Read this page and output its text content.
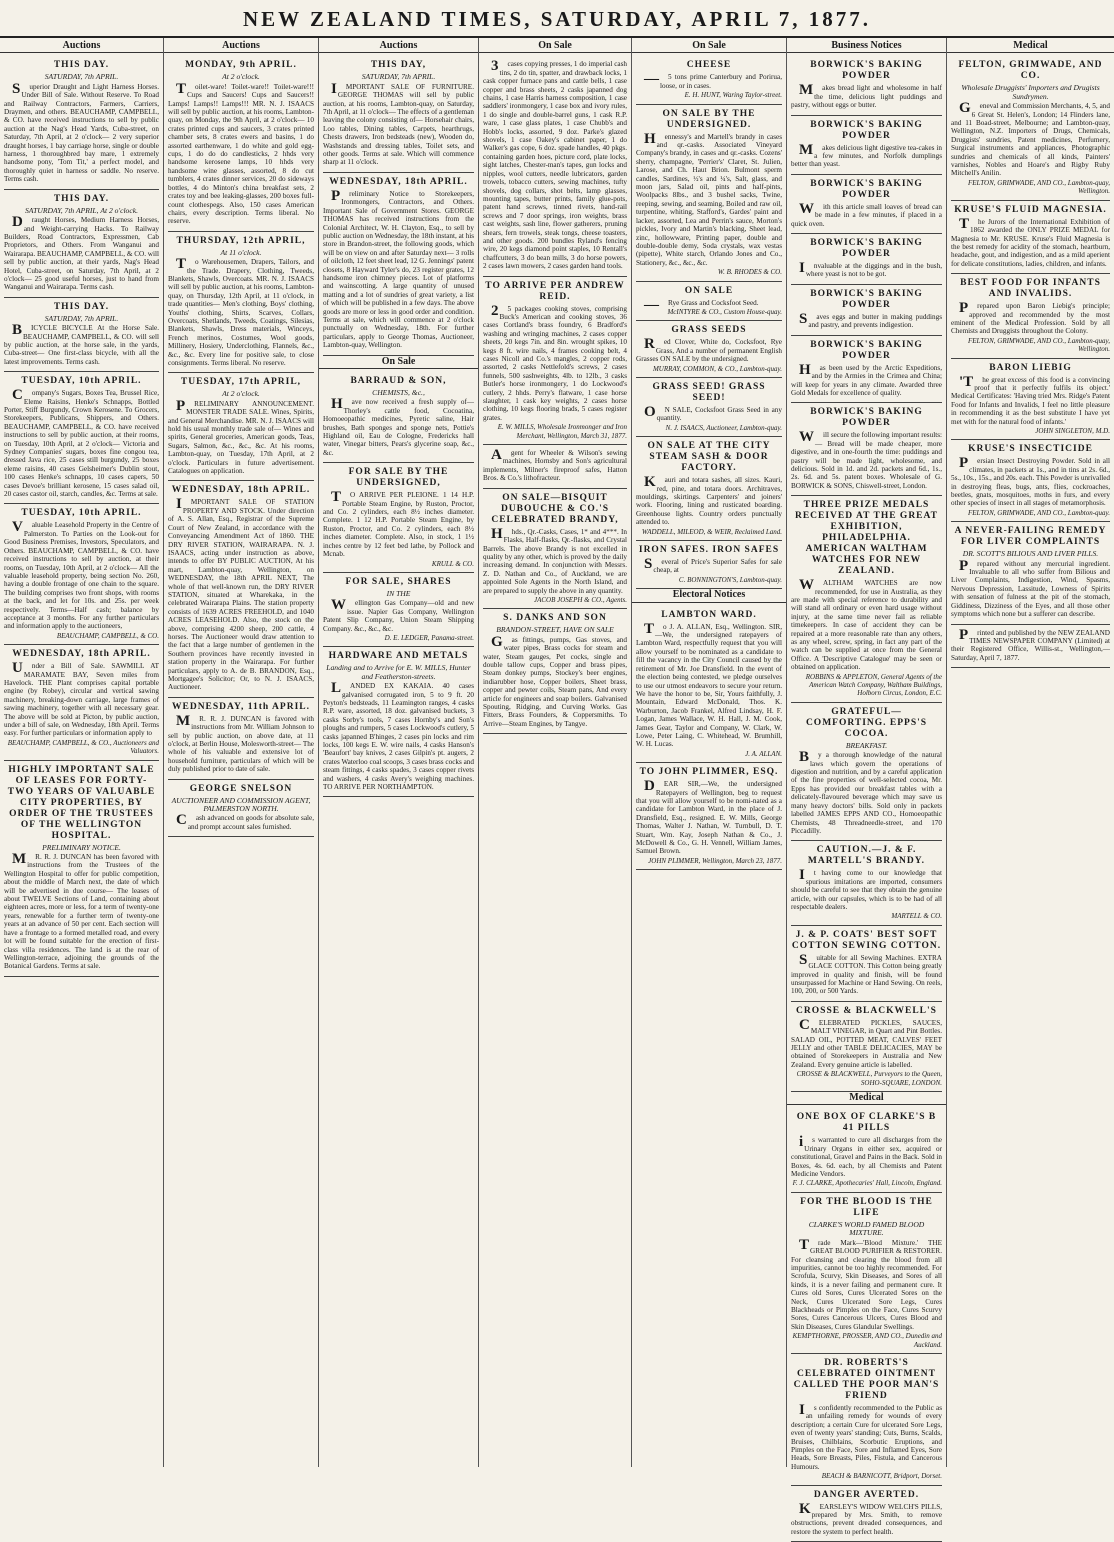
NEW ZEALAND TIMES, SATURDAY, APRIL 7, 1877.
Auctions
THIS DAY.
SATURDAY, 7th APRIL.
Superior Draught and Light Harness Horses. Under Bill of Sale. Without Reserve. To Road and Railway Contractors, Farmers, Carriers, Draymen, and others. BEAUCHAMP, CAMPBELL, & CO. have received instructions to sell by public auction at the Nag's Head Yards, Cuba-street, on Saturday, 7th April, at 2 o'clock— 2 very superior draught horses, 1 bay carriage horse, single or double harness, 1 thoroughbred bay mare, 1 extremely handsome pony, 'Tom Tit,' a perfect model, and thoroughly quiet in harness or saddle. No reserve. Terms cash.
THIS DAY.
SATURDAY, 7th APRIL, At 2 o'clock.
Draught Horses, Medium Harness Horses, and Weight-carrying Hacks. To Railway Builders, Road Contractors, Expressmen, Cab Proprietors, and Others. From Wanganui and Wairarapa. BEAUCHAMP, CAMPBELL, & CO. will sell by public auction, at their yards, Nag's Head Hotel, Cuba-street, on Saturday, 7th April, at 2 o'clock— 25 good useful horses, just to hand from Wanganui and Wairarapa. Terms cash.
THIS DAY.
SATURDAY, 7th APRIL.
BICYCLE BICYCLE At the Horse Sale. BEAUCHAMP, CAMPBELL, & CO. will sell by public auction, at the horse sale, in the yards, Cuba-street— One first-class bicycle, with all the latest improvements. Terms cash.
TUESDAY, 10th APRIL.
Company's Sugars, Boxes Tea, Brussel Rice, Eleme Raisins, Henke's Schnapps, Bottled Porter, Stiff Burgundy, Crown Kerosene. To Grocers, Storekeepers, Publicans, Shippers, and Others. BEAUCHAMP, CAMPBELL, & CO. have received instructions to sell by public auction, at their rooms, on Tuesday, 10th April, at 2 o'clock— Victoria and Sydney Companies' sugars, boxes fine congou tea, dressed Java rice, 25 cases still burgundy, 25 boxes eleme raisins, 40 cases Gelsheimer's Dublin stout, 100 cases Henke's schnapps, 10 cases capers, 50 cases Devoe's brilliant kerosene, 15 cases salad oil, 20 cases castor oil, starch, candles, &c. Terms at sale.
TUESDAY, 10th APRIL.
Valuable Leasehold Property in the Centre of Palmerston. To Parties on the Look-out for Good Business Premises, Investors, Speculators, and Others. BEAUCHAMP, CAMPBELL, & CO. have received instructions to sell by auction, at their rooms, on Tuesday, 10th April, at 2 o'clock— All the valuable leasehold property, being section No. 260, having a double frontage of one chain to the square. The building comprises two front shops, with rooms at the back, and let for 10s. and 25s. per week respectively. Terms—Half cash; balance by acceptance at 3 months. For any further particulars and information apply to the auctioneers,
BEAUCHAMP, CAMPBELL, & CO.
WEDNESDAY, 18th APRIL.
Under a Bill of Sale. SAWMILL AT MARAMATE BAY, Seven miles from Havelock. THE Plant comprises capital portable engine (by Robey), circular and vertical sawing machinery, breaking-down carriage, large frames of sawing machinery, together with all necessary gear. The above will be sold at Picton, by public auction, under a bill of sale, on Wednesday, 18th April. Terms easy. For further particulars or information apply to
BEAUCHAMP, CAMPBELL, & CO., Auctioneers and Valuators.
HIGHLY IMPORTANT SALE OF LEASES FOR FORTY-TWO YEARS OF VALUABLE CITY PROPERTIES, BY ORDER OF THE TRUSTEES OF THE WELLINGTON HOSPITAL.
PRELIMINARY NOTICE.
MR. R. J. DUNCAN has been favored with instructions from the Trustees of the Wellington Hospital to offer for public competition, about the middle of March next, the date of which will be advertised in due course— The leases of about TWELVE Sections of Land, containing about eighteen acres, more or less, for a term of twenty-one years, renewable for a further term of twenty-one years at an advance of 50 per cent. Each section will have a frontage to a formed metalled road, and every lot will be found suitable for the erection of first-class villa residences. The land is at the rear of Wellington-terrace, adjoining the grounds of the Botanical Gardens. Terms at sale.
Auctions
MONDAY, 9th APRIL.
At 2 o'clock.
Toilet-ware! Toilet-ware!! Toilet-ware!!! Cups and Saucers! Cups and Saucers!! Lamps! Lamps!! Lamps!!! MR. N. J. ISAACS will sell by public auction, at his rooms, Lambton-quay, on Monday, the 9th April, at 2 o'clock— 10 crates printed cups and saucers, 3 crates printed chamber sets, 8 crates ewers and basins, 1 do assorted earthenware, 1 do white and gold egg-cups, 1 do do do candlesticks, 2 hhds very handsome kerosene lamps, 10 hhds very handsome wine glasses, assorted, 8 do cut tumblers, 4 crates dinner services, 20 do sideways bottles, 4 do Minton's china breakfast sets, 2 crates toy and bee leaking-glasses, 200 boxes full-count clothespegs. Also, 150 cases American chairs, every description. Terms liberal. No reserve.
THURSDAY, 12th APRIL,
At 11 o'clock.
To Warehousemen, Drapers, Tailors, and the Trade. Drapery, Clothing, Tweeds, Blankets, Shawls, Overcoats. MR. N. J. ISAACS will sell by public auction, at his rooms, Lambton-quay, on Thursday, 12th April, at 11 o'clock, in trade quantities— Men's clothing, Boys' clothing, Youths' clothing, Shirts, Scarves, Collars, Overcoats, Shetlands, Tweeds, Coatings, Silesias, Blankets, Shawls, Dress materials, Winceys, French merinos, Costumes, Wool goods, Millinery, Hosiery, Underclothing, Flannels, &c., &c., &c. Every line for positive sale, to close consignments. Terms liberal. No reserve.
TUESDAY, 17th APRIL,
At 2 o'clock.
PRELIMINARY ANNOUNCEMENT. MONSTER TRADE SALE. Wines, Spirits, and General Merchandise. MR. N. J. ISAACS will hold his usual monthly trade sale of— Wines and spirits, General groceries, American goods, Teas, Sugars, Salmon, &c., &c., &c. At his rooms, Lambton-quay, on Tuesday, 17th April, at 2 o'clock. Particulars in future advertisement. Catalogues on application.
WEDNESDAY, 18th APRIL.
IMPORTANT SALE OF STATION PROPERTY AND STOCK. Under direction of A. S. Allan, Esq., Registrar of the Supreme Court of New Zealand, in accordance with the Conveyancing Amendment Act of 1860. THE DRY RIVER STATION, WAIRARAPA. N. J. ISAACS, acting under instruction as above, intends to offer BY PUBLIC AUCTION, At his mart, Lambton-quay, Wellington, on WEDNESDAY, the 18th APRIL NEXT, The whole of that well-known run, the DRY RIVER STATION, situated at Wharekaka, in the celebrated Wairarapa Plains. The station property consists of 1639 ACRES FREEHOLD, and 1040 ACRES LEASEHOLD. Also, the stock on the above, comprising 4200 sheep, 200 cattle, 4 horses. The Auctioneer would draw attention to the fact that a large number of gentlemen in the Southern provinces have recently invested in station property in the Wairarapa. For further particulars, apply to A. de B. BRANDON, Esq., Mortgagee's Solicitor; Or, to N. J. ISAACS, Auctioneer.
WEDNESDAY, 11th APRIL.
MR. R. J. DUNCAN is favored with instructions from Mr. William Johnson to sell by public auction, on above date, at 11 o'clock, at Berlin House, Molesworth-street— The whole of his valuable and extensive lot of household furniture, particulars of which will be duly published prior to date of sale.
GEORGE SNELSON
AUCTIONEER AND COMMISSION AGENT, PALMERSTON NORTH.
Cash advanced on goods for absolute sale, and prompt account sales furnished.
Auctions
THIS DAY,
SATURDAY, 7th APRIL.
IMPORTANT SALE OF FURNITURE. GEORGE THOMAS will sell by public auction, at his rooms, Lambton-quay, on Saturday, 7th April, at 11 o'clock— The effects of a gentleman leaving the colony consisting of— Horsehair chairs, Loo tables, Dining tables, Carpets, hearthrugs, Chests drawers, Iron bedsteads (new), Wooden do, Washstands and dressing tables, Toilet sets, and other goods. Terms at sale. Which will commence sharp at 11 o'clock.
WEDNESDAY, 18th APRIL.
Preliminary Notice to Storekeepers, Ironmongers, Contractors, and Others. Important Sale of Government Stores. GEORGE THOMAS has received instructions from the Colonial Architect, W. H. Clayton, Esq., to sell by public auction on Wednesday, the 18th instant, at his store in Brandon-street, the following goods, which will be on view on and after Saturday next— 3 rolls of oilcloth, 12 feet sheet lead, 12 G. Jennings' patent closets, 8 Hayward Tyler's do, 23 register grates, 12 handsome iron chimney pieces. Lot of platforms and wainscotting. A large quantity of unused matting and a lot of sundries of great variety, a list of which will be published in a few days. The above goods are more or less in good order and condition. Terms at sale, which will commence at 2 o'clock punctually on Wednesday, 18th. For further particulars, apply to George Thomas, Auctioneer, Lambton-quay, Wellington.
On Sale
BARRAUD & SON,
CHEMISTS, &c.,
Have now received a fresh supply of— Thorley's cattle food, Cocoatina, Homoeopathic medicines, Pyretic saline, Hair brushes, Bath sponges and sponge nets, Pottie's Highland oil, Eau de Cologne, Fredericks hall water, Vinegar bitters, Pears's glycerine soap, &c., &c.
FOR SALE BY THE UNDERSIGNED,
TO ARRIVE PER PLEIONE. 1 14 H.P. Portable Steam Engine, by Ruston, Proctor, and Co. 2 cylinders, each 8½ inches diameter. Complete. 1 12 H.P. Portable Steam Engine, by Ruston, Proctor, and Co. 2 cylinders, each 8½ inches diameter. Complete. Also, in stock, 1 1½ inches centre by 12 feet bed lathe, by Pollock and Mcnab.
KRULL & CO.
FOR SALE, SHARES
IN THE
Wellington Gas Company—old and new issue. Napier Gas Company, Wellington Patent Slip Company, Union Steam Shipping Company. &c., &c., &c.
D. E. LEDGER, Panama-street.
HARDWARE AND METALS
Landing and to Arrive for E. W. MILLS, Hunter and Featherston-streets.
LANDED EX KAKAIA. 40 cases galvanised corrugated iron, 5 to 9 ft. 20 Peyton's bedsteads, 11 Leamington ranges, 4 casks R.P. ware, assorted, 18 doz. galvanised buckets, 3 casks Sorby's tools, 7 cases Hornby's and Son's ploughs and rumpers, 5 cases Lockwood's cutlery, 5 casks japanned B'hinges, 2 cases pin locks and rim locks, 100 kegs E. W. wire nails, 4 casks Hanson's 'Beaufort' bay knives, 2 cases Gilpin's pt. augers, 2 crates Waterloo coal scoops, 3 cases brass cocks and steam fittings, 4 casks spades, 3 cases copper rivets and washers, 4 casks Avery's weighing machines. TO ARRIVE PER NORTHAMPTON.
On Sale
3cases copying presses, 1 do imperial cash tins, 2 do tin, spatter, and drawback locks, 1 cask copper furnace pans and cattle bells, 1 case copper and brass sheets, 2 casks japanned dog chains, 1 case Harris harness composition, 1 case saddlers' ironmongery, 1 case box and ivory rules, 1 do single and double-barrel guns, 1 cask R.P. ware, 1 case glass plates, 1 case Chubb's and Hobb's locks, assorted, 9 doz. Parke's glazed shovels, 1 case Oakey's cabinet paper, 1 do Walker's gas cope, 6 doz. spade handles, 40 pkgs. containing garden hoes, picture cord, plate locks, sight latches, Chester-man's tapes, gun locks and nipples, wool cutters, needle lubricators, garden trowels, tobacco cutters, sewing machines, tufty shovels, dog collars, shot belts, lamp glasses, mounting tapes, butter prints, family glue-pots, patent hand screws, tinned rivets, hand-rail screws and 7 door springs, iron weights, brass cast weights, sash line, flower gatherers, pruning shears, fern trowels, steak tongs, cheese toasters, and other goods. 200 bundles Ryland's fencing wire, 20 kegs diamond point staples, 10 Rentall's chaffcutters, 3 do bean mills, 3 do horse powers, 2 cases lawn mowers, 2 cases garden hand tools.
TO ARRIVE PER ANDREW REID.
25 packages cooking stoves, comprising Buck's American and cooking stoves, 36 cases Cortland's brass foundry, 6 Bradford's washing and wringing machines, 2 cases copper sheets, 20 kegs 7in. and 8in. wrought spikes, 10 kegs 8 ft. wire nails, 4 frames cooking belt, 4 cases Nicoll and Co.'s mangles, 2 copper rods, assorted, 2 casks Nettlefold's screws, 2 cases funnels, 500 sashweights, 4lb. to 12lb., 3 casks Butler's horse ironmongery, 1 do Lockwood's cutlery, 2 hhds. Perry's flatware, 1 case horse slaughter, 1 cask key weights, 2 cases horse clothing, 10 kegs flooring brads, 5 cases register grates.
E. W. MILLS, Wholesale Ironmonger and Iron Merchant, Wellington, March 31, 1877.
Agent for Wheeler & Wilson's sewing machines, Hornsby and Son's agricultural implements, Milner's fireproof safes, Hatton Bros. & Co.'s lithofracteur.
ON SALE—BISQUIT DUBOUCHE & CO.'S CELEBRATED BRANDY,
Hhds., Qr.-Casks, Cases, 1* and 4***. In Flasks, Half-flasks, Qr.-flasks, and Crystal Barrels. The above Brandy is not excelled in quality by any other, which is proved by the daily increasing demand. In conjunction with Messrs. Z. D. Nathan and Co., of Auckland, we are appointed Sole Agents in the North Island, and are prepared to supply the above in any quantity.
JACOB JOSEPH & CO., Agents.
S. DANKS AND SON
BRANDON-STREET, HAVE ON SALE
Gas fittings, pumps, Gas stoves, and water pipes, Brass cocks for steam and water, Steam gauges, Pet cocks, single and double tallow cups, Copper and brass pipes, Steam donkey pumps, Stockey's beer engines, indiarubber hose, Copper boilers, Sheet brass, copper and pewter coils, Steam pans, And every article for engineers and soap boilers. Galvanised Spouting, Ridging, and Curving Works. Gas Fitters, Brass Founders, & Coppersmiths. To Arrive—Steam Engines, by Tangye.
On Sale
CHEESE
—5 tons prime Canterbury and Porirua, loose, or in cases.
E. H. HUNT, Waring Taylor-street.
ON SALE BY THE UNDERSIGNED.
Hennessy's and Martell's brandy in cases and qr.-casks. Associated Vineyard Company's brandy, in cases and qr.-casks. Cozens' sherry, champagne, 'Perrier's' Claret, St. Julien, Larose, and Ch. Haut Brion. Bulmont sperm candles, Sardines, ½'s and ¼'s, Salt, glass, and moon jars, Salad oil, pints and half-pints, Woolpacks 8lbs., and 3 bushel sacks, Twine, reeping, sewing, and seaming, Boiled and raw oil, turpentine, whiting, Stafford's, Gardes' paint and lacker, assorted, Lea and Perrin's sauce, Morton's pickles, Ivory and Martin's blacking, Sheet lead, zinc, hollowware, Printing paper, double and double-double demy, Soda crystals, wax vestas (pipette), White starch, Orlando Jones and Co., Stationery, &c., &c., &c.
W. B. RHODES & CO.
ON SALE
—Rye Grass and Cocksfoot Seed.
McINTYRE & CO., Custom House-quay.
GRASS SEEDS
Red Clover, White do, Cocksfoot, Rye Grass, And a number of permanent English Grasses ON SALE by the undersigned.
MURRAY, COMMON, & CO., Lambton-quay.
GRASS SEED! GRASS SEED!
ON SALE, Cocksfoot Grass Seed in any quantity.
N. J. ISAACS, Auctioneer, Lambton-quay.
ON SALE AT THE CITY STEAM SASH & DOOR FACTORY.
Kauri and totara sashes, all sizes. Kauri, red, pine, and totara doors. Architraves, mouldings, skirtings. Carpenters' and joiners' work. Flooring, lining and rusticated boarding. Greenhouse lights. Country orders punctually attended to.
WADDELL, MILEOD, & WEIR, Reclaimed Land.
IRON SAFES. IRON SAFES
Several of Price's Superior Safes for sale cheap, at
C. BONNINGTON'S, Lambton-quay.
Electoral Notices
LAMBTON WARD.
To J. A. ALLAN, Esq., Wellington. SIR,—We, the undersigned ratepayers of Lambton Ward, respectfully request that you will allow yourself to be nominated as a candidate to fill the vacancy in the City Council caused by the retirement of Mr. Joe Dransfield. In the event of the election being contested, we pledge ourselves to use our utmost endeavors to secure your return. We have the honor to be, Sir, Yours faithfully, J. Mountain, Edward McDonald, Thos. K. Warburton, Jacob Frankel, Alfred Lindsay, H. F. Logan, James Wallace, W. H. Hall, J. M. Cook, James Gear, Taylor and Company, W. Clark, W. Lowe, Peter Laing, C. Whitehead, W. Brumhill, W. H. Lucas.
J. A. ALLAN.
TO JOHN PLIMMER, ESQ.
DEAR SIR,—We, the undersigned Ratepayers of Wellington, beg to request that you will allow yourself to be nomi-nated as a candidate for Lambton Ward, in the place of J. Dransfield, Esq., resigned. E. W. Mills, George Thomas, Walter J. Nathan, W. Turnbull, D. T. Stuart, Wm. Kay, Joseph Nathan & Co., J. McDowell & Co., G. H. Vennell, William James, Samuel Brown.
JOHN PLIMMER, Wellington, March 23, 1877.
Business Notices
BORWICK'S BAKING POWDER
Makes bread light and wholesome in half the time, delicious light puddings and pastry, without eggs or butter.
BORWICK'S BAKING POWDER
Makes delicious light digestive tea-cakes in a few minutes, and Norfolk dumplings better than yeast.
BORWICK'S BAKING POWDER
With this article small loaves of bread can be made in a few minutes, if placed in a quick oven.
BORWICK'S BAKING POWDER
Invaluable at the diggings and in the bush, where yeast is not to be got.
BORWICK'S BAKING POWDER
Saves eggs and butter in making puddings and pastry, and prevents indigestion.
BORWICK'S BAKING POWDER
Has been used by the Arctic Expeditions, and by the Armies in the Crimea and China; will keep for years in any climate. Awarded three Gold Medals for excellence of quality.
BORWICK'S BAKING POWDER
Will secure the following important results:— Bread will be made cheaper, more digestive, and in one-fourth the time: puddings and pastry will be made light, wholesome, and delicious. Sold in 1d. and 2d. packets and 6d., 1s., 2s. 6d. and 5s. patent boxes. Wholesale of G. BORWICK & SONS, Chiswell-street, London.
THREE PRIZE MEDALS RECEIVED AT THE GREAT EXHIBITION, PHILADELPHIA. AMERICAN WALTHAM WATCHES FOR NEW ZEALAND.
WALTHAM WATCHES are now recommended, for use in Australia, as they are made with special reference to durability and will stand all ordinary or even hard usage without injury, at the same time never fail as reliable timekeepers. In case of accident they can be repaired at a more reasonable rate than any others, as any wheel, screw, spring, in fact any part of the watch can be supplied at once from the General Office. A 'Descriptive Catalogue' may be seen or obtained on application.
ROBBINS & APPLETON, General Agents of the American Watch Company, Waltham Buildings, Holborn Circus, London, E.C.
GRATEFUL—COMFORTING. EPPS'S COCOA.
BREAKFAST.
By a thorough knowledge of the natural laws which govern the operations of digestion and nutrition, and by a careful application of the fine properties of well-selected cocoa, Mr. Epps has provided our breakfast tables with a delicately-flavoured beverage which may save us many heavy doctors' bills. Sold only in packets labelled JAMES EPPS AND CO., Homoeopathic Chemists, 48 Threadneedle-street, and 170 Piccadilly.
CAUTION.—J. & F. MARTELL'S BRANDY.
It having come to our knowledge that spurious imitations are imported, consumers should be careful to see that they obtain the genuine article, with our capsules, which is to be had of all respectable dealers.
MARTELL & CO.
J. & P. COATS' BEST SOFT COTTON SEWING COTTON.
Suitable for all Sewing Machines. EXTRA GLACE COTTON. This Cotton being greatly improved in quality and finish, will be found unsurpassed for Machine or Hand Sewing. On reels, 100, 200, or 500 Yards.
CROSSE & BLACKWELL'S
CELEBRATED PICKLES, SAUCES, MALT VINEGAR, in Quart and Pint Bottles. SALAD OIL, POTTED MEAT, CALVES' FEET JELLY and other TABLE DELICACIES, MAY be obtained of Storekeepers in Australia and New Zealand. Every genuine article is labelled.
CROSSE & BLACKWELL, Purveyors to the Queen, SOHO-SQUARE, LONDON.
Medical
ONE BOX OF CLARKE'S B 41 PILLS
is warranted to cure all discharges from the Urinary Organs in either sex, acquired or constitutional, Gravel and Pains in the Back. Sold in Boxes, 4s. 6d. each, by all Chemists and Patent Medicine Vendors.
F. J. CLARKE, Apothecaries' Hall, Lincoln, England.
FOR THE BLOOD IS THE LIFE
CLARKE'S WORLD FAMED BLOOD MIXTURE.
Trade Mark—'Blood Mixture.' THE GREAT BLOOD PURIFIER & RESTORER. For cleansing and clearing the blood from all impurities, cannot be too highly recommended. For Scrofula, Scurvy, Skin Diseases, and Sores of all kinds, it is a never failing and permanent cure. It Cures old Sores, Cures Ulcerated Sores on the Neck, Cures Ulcerated Sore Legs, Cures Blackheads or Pimples on the Face, Cures Scurvy Sores, Cures Cancerous Ulcers, Cures Blood and Skin Diseases, Cures Glandular Swellings.
KEMPTHORNE, PROSSER, AND CO., Dunedin and Auckland.
DR. ROBERTS'S CELEBRATED OINTMENT CALLED THE POOR MAN'S FRIEND
Is confidently recommended to the Public as an unfailing remedy for wounds of every description; a certain Cure for ulcerated Sore Legs, even of twenty years' standing; Cuts, Burns, Scalds, Bruises, Chilblains, Scorbutic Eruptions, and Pimples on the Face, Sore and Inflamed Eyes, Sore Heads, Sore Breasts, Piles, Fistula, and Cancerous Humours.
BEACH & BARNICOTT, Bridport, Dorset.
DANGER AVERTED.
KEARSLEY'S WIDOW WELCH'S PILLS, prepared by Mrs. Smith, to remove obstructions, prevent dreaded consequences, and restore the system to perfect health.
Medical
FELTON, GRIMWADE, AND CO.
Wholesale Druggists' Importers and Drugists Sundrymen.
Geneval and Commission Merchants, 4, 5, and 6 Great St. Helen's, London; 14 Flinders lane, and 11 Boad-street, Melbourne; and Lambton-quay, Wellington, N.Z. Importers of Drugs, Chemicals, Druggists' sundries, Patent medicines, Perfumery, Surgical instruments and appliances, Photographic sundries and chemicals of all kinds, Painters' varnishes, Nobles and Hoare's and Rigby Ruby Mitchell's Anilin.
FELTON, GRIMWADE, AND CO., Lambton-quay, Wellington.
KRUSE'S FLUID MAGNESIA.
The Jurors of the International Exhibition of 1862 awarded the ONLY PRIZE MEDAL for Magnesia to Mr. KRUSE. Kruse's Fluid Magnesia is the best remedy for acidity of the stomach, heartburn, headache, gout, and indigestion, and as a mild aperient for delicate constitutions, ladies, children, and infants.
BEST FOOD FOR INFANTS AND INVALIDS.
Prepared upon Baron Liebig's principle; approved and recommended by the most eminent of the Medical Profession. Sold by all Chemists and Druggists throughout the Colony.
FELTON, GRIMWADE, AND CO., Lambton-quay, Wellington.
BARON LIEBIG
'The great excess of this food is a convincing proof that it perfectly fulfils its object.' Medical Certificates: 'Having tried Mrs. Ridge's Patent Food for Infants and Invalids, I feel no little pleasure in recommending it as the best substitute I have yet met with for the natural food of infants.'
JOHN SINGLETON, M.D.
KRUSE'S INSECTICIDE
Persian Insect Destroying Powder. Sold in all climates, in packets at 1s., and in tins at 2s. 6d., 5s., 10s., 15s., and 20s. each. This Powder is unrivalled in destroying fleas, bugs, ants, flies, cockroaches, beetles, gnats, mosquitoes, moths in furs, and every other species of insect in all stages of metamorphosis.
FELTON, GRIMWADE, AND CO., Lambton-quay.
A NEVER-FAILING REMEDY FOR LIVER COMPLAINTS
DR. SCOTT'S BILIOUS AND LIVER PILLS.
Prepared without any mercurial ingredient. Invaluable to all who suffer from Bilious and Liver Complaints, Indigestion, Wind, Spasms, Nervous Depression, Lassitude, Lowness of Spirits with sensation of fulness at the pit of the stomach, Giddiness, Dizziness of the Eyes, and all those other symptoms which none but a sufferer can describe.
Printed and published by the NEW ZEALAND TIMES NEWSPAPER COMPANY (Limited) at their Registered Office, Willis-st., Wellington,—Saturday, April 7, 1877.
